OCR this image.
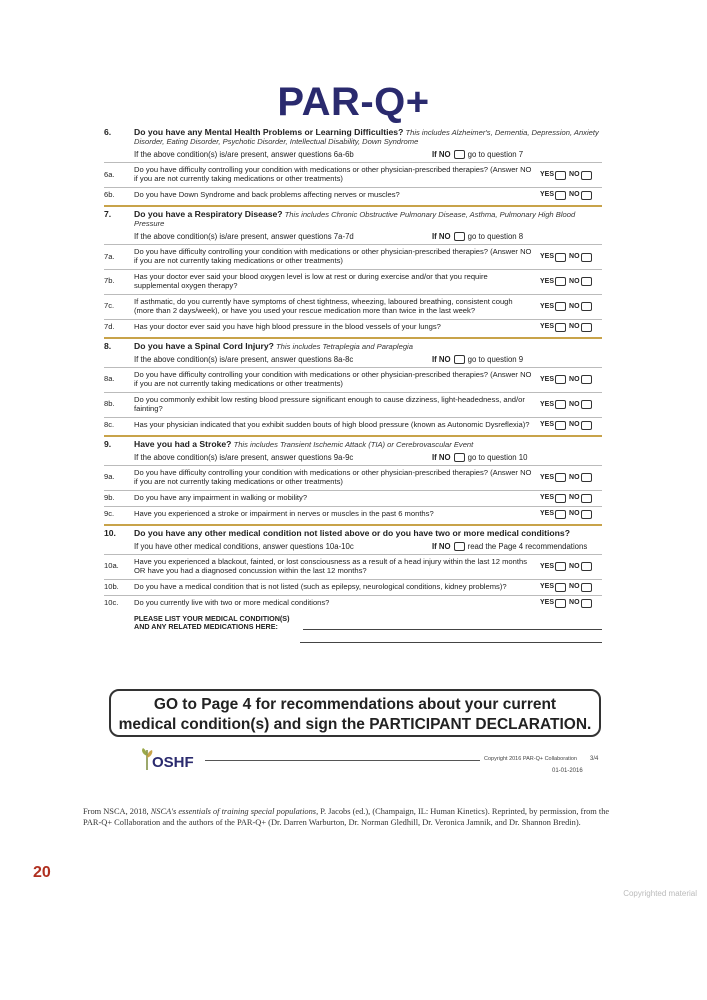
PAR-Q+
6.	Do you have any Mental Health Problems or Learning Difficulties? This includes Alzheimer's, Dementia, Depression, Anxiety Disorder, Eating Disorder, Psychotic Disorder, Intellectual Disability, Down Syndrome
If the above condition(s) is/are present, answer questions 6a-6b	If NO go to question 7
6a.	Do you have difficulty controlling your condition with medications or other physician-prescribed therapies? (Answer NO if you are not currently taking medications or other treatments)	YES NO
6b.	Do you have Down Syndrome and back problems affecting nerves or muscles?	YES NO
7.	Do you have a Respiratory Disease? This includes Chronic Obstructive Pulmonary Disease, Asthma, Pulmonary High Blood Pressure
If the above condition(s) is/are present, answer questions 7a-7d	If NO go to question 8
7a.	Do you have difficulty controlling your condition with medications or other physician-prescribed therapies? (Answer NO if you are not currently taking medications or other treatments)	YES NO
7b.	Has your doctor ever said your blood oxygen level is low at rest or during exercise and/or that you require supplemental oxygen therapy?	YES NO
7c.	If asthmatic, do you currently have symptoms of chest tightness, wheezing, laboured breathing, consistent cough (more than 2 days/week), or have you used your rescue medication more than twice in the last week?	YES NO
7d.	Has your doctor ever said you have high blood pressure in the blood vessels of your lungs?	YES NO
8.	Do you have a Spinal Cord Injury? This includes Tetraplegia and Paraplegia
If the above condition(s) is/are present, answer questions 8a-8c	If NO go to question 9
8a.	Do you have difficulty controlling your condition with medications or other physician-prescribed therapies? (Answer NO if you are not currently taking medications or other treatments)	YES NO
8b.	Do you commonly exhibit low resting blood pressure significant enough to cause dizziness, light-headedness, and/or fainting?	YES NO
8c.	Has your physician indicated that you exhibit sudden bouts of high blood pressure (known as Autonomic Dysreflexia)?	YES NO
9.	Have you had a Stroke? This includes Transient Ischemic Attack (TIA) or Cerebrovascular Event
If the above condition(s) is/are present, answer questions 9a-9c	If NO go to question 10
9a.	Do you have difficulty controlling your condition with medications or other physician-prescribed therapies? (Answer NO if you are not currently taking medications or other treatments)	YES NO
9b.	Do you have any impairment in walking or mobility?	YES NO
9c.	Have you experienced a stroke or impairment in nerves or muscles in the past 6 months?	YES NO
10.	Do you have any other medical condition not listed above or do you have two or more medical conditions?
If you have other medical conditions, answer questions 10a-10c	If NO read the Page 4 recommendations
10a.	Have you experienced a blackout, fainted, or lost consciousness as a result of a head injury within the last 12 months OR have you had a diagnosed concussion within the last 12 months?	YES NO
10b.	Do you have a medical condition that is not listed (such as epilepsy, neurological conditions, kidney problems)?	YES NO
10c.	Do you currently live with two or more medical conditions?	YES NO
PLEASE LIST YOUR MEDICAL CONDITION(S)
AND ANY RELATED MEDICATIONS HERE:
GO to Page 4 for recommendations about your current
medical condition(s) and sign the PARTICIPANT DECLARATION.
OSHF	Copyright 2016 PAR-Q+ Collaboration 3/4
01-01-2016
From NSCA, 2018, NSCA's essentials of training special populations, P. Jacobs (ed.), (Champaign, IL: Human Kinetics). Reprinted, by permission, from the PAR-Q+ Collaboration and the authors of the PAR-Q+ (Dr. Darren Warburton, Dr. Norman Gledhill, Dr. Veronica Jamnik, and Dr. Shannon Bredin).
20
Copyrighted material
